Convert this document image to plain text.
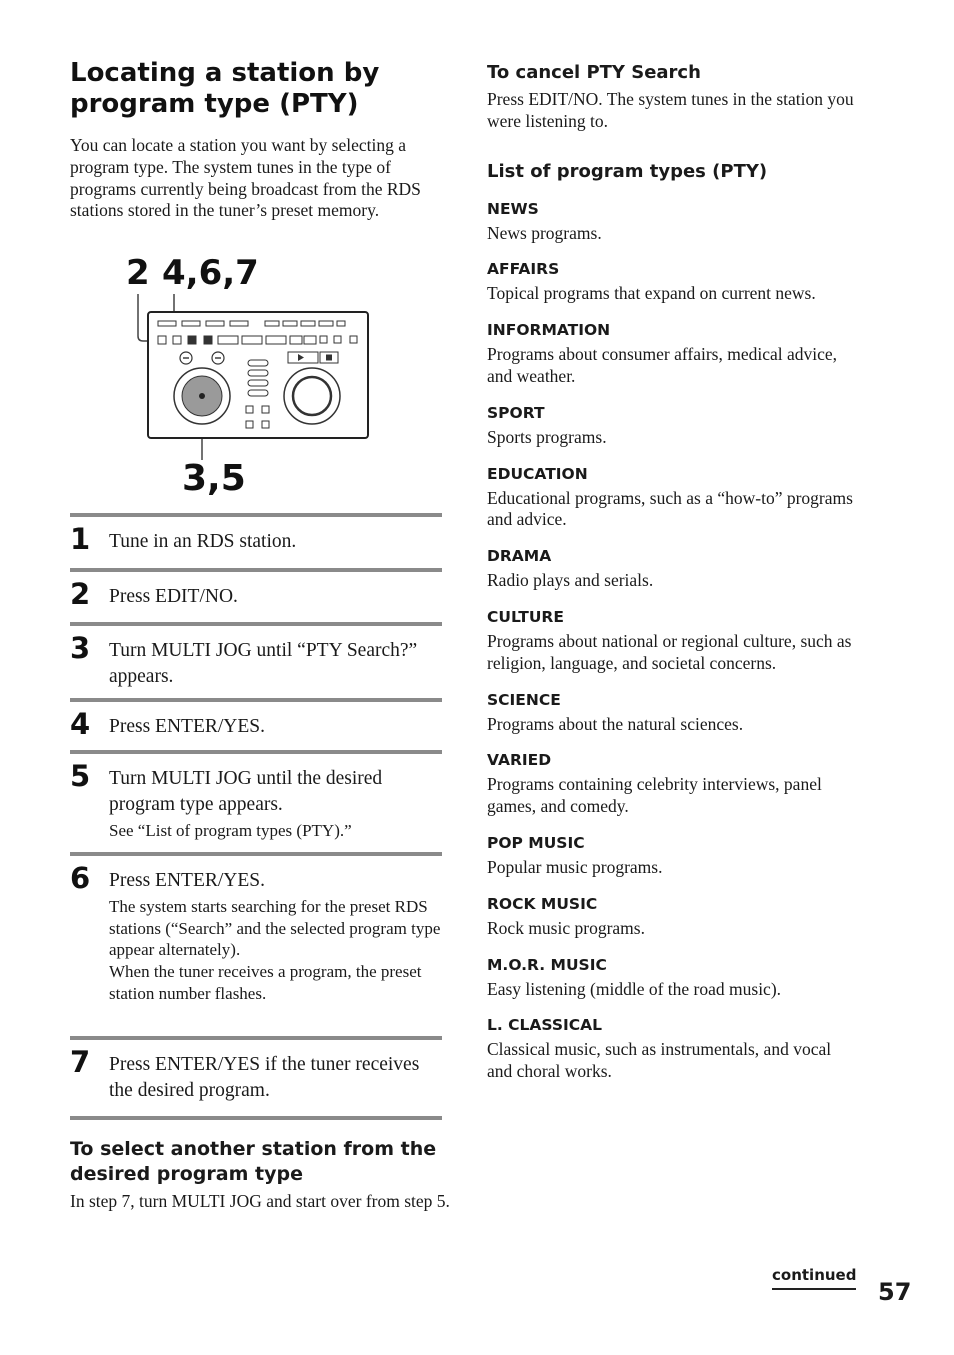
Locating a station by program type (PTY)

You can locate a station you want by selecting a program type. The system tunes in the type of programs currently being broadcast from the RDS stations stored in the tuner’s preset memory.

2 4,6,7
3,5
1 Tune in an RDS station.
2 Press EDIT/NO.
3 Turn MULTI JOG until “PTY Search?” appears.
4 Press ENTER/YES.
5 Turn MULTI JOG until the desired program type appears.
See “List of program types (PTY).”
6 Press ENTER/YES.
The system starts searching for the preset RDS stations (“Search” and the selected program type appear alternately).
When the tuner receives a program, the preset station number flashes.
7 Press ENTER/YES if the tuner receives the desired program.
To select another station from the desired program type

In step 7, turn MULTI JOG and start over from step 5.

To cancel PTY Search

Press EDIT/NO. The system tunes in the station you were listening to.

List of program types (PTY)

NEWS

News programs.

AFFAIRS

Topical programs that expand on current news.

INFORMATION

Programs about consumer affairs, medical advice, and weather.

SPORT

Sports programs.

EDUCATION

Educational programs, such as a “how-to” programs and advice.

DRAMA

Radio plays and serials.

CULTURE

Programs about national or regional culture, such as religion, language, and societal concerns.

SCIENCE

Programs about the natural sciences.

VARIED

Programs containing celebrity interviews, panel games, and comedy.

POP MUSIC

Popular music programs.

ROCK MUSIC

Rock music programs.

M.O.R. MUSIC

Easy listening (middle of the road music).

L. CLASSICAL

Classical music, such as instrumentals, and vocal and choral works.

continued
57
